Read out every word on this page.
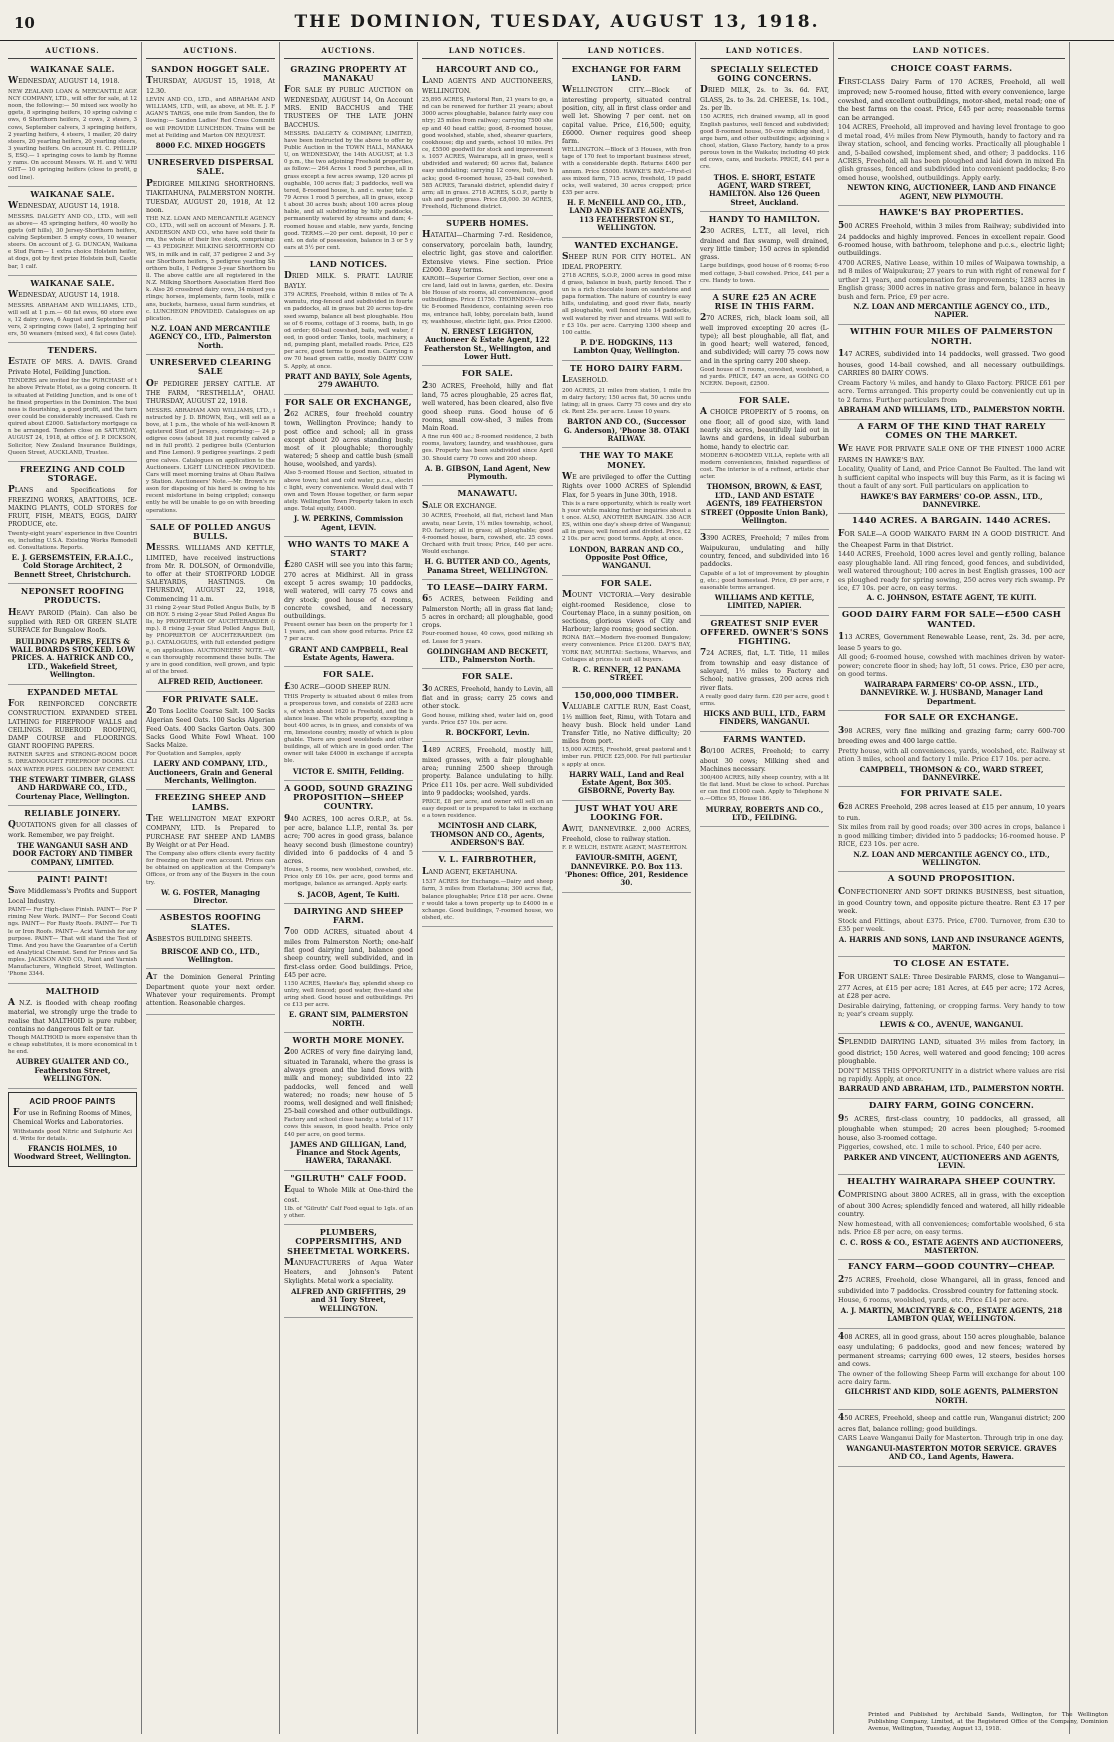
10	THE DOMINION, TUESDAY, AUGUST 13, 1918.
AUCTIONS.
WAIKANAE SALE.
WEDNESDAY, AUGUST 14, 1918.
NEW ZEALAND LOAN & MERCANTILE AGENCY COMPANY, LTD., will offer for sale, at 12 noon, the following:— 50 mixed sex woolly hoggets, 8 springing heifers, 10 spring calving cows, 6 Shorthorn heifers, 2 cows, 2 steers, 3 cows, September calvers, 3 springing heifers, 2 yearling heifers, 4 steers, 1 mailer, 20 dairy steers, 20 yearling heifers, 20 yearling steers, 3 yearling heifers. On account H. C. PHILLIPS, ESQ.— 1 springing cows to lamb by Romney rams. On account Messrs. W. H. and V. WRIGHT— 10 springing heifers (close to profit, good line).
WAIKANAE SALE.
WEDNESDAY, AUGUST 14, 1918.
MESSRS. DALGETY AND CO., LTD., will sell as above— 45 springing heifers, 40 woolly hoggets (off hills), 30 Jersey-Shorthorn heifers, calving September. 5 empty cows, 10 weaner steers. On account of J. G. DUNCAN, Waikanae Stud Farm— 1 extra choice Holstein heifer, at dogs, got by first prize Holstein bull, Castlebar, 1 calf.
WAIKANAE SALE.
WEDNESDAY, AUGUST 14, 1918.
MESSRS. ABRAHAM AND WILLIAMS, LTD., will sell at 1 p.m.— 60 fat ewes, 60 store ewes, 12 dairy cows, 6 August and September calvers, 2 springing cows (late), 2 springing heifers, 50 weaners (mixed sex), 4 fat cows (late).
TENDERS.
ESTATE OF MRS. A. DAVIS. Grand Private Hotel, Feilding Junction.
TENDERS are invited for the PURCHASE of the above Private Hotel, as a going concern. It is situated at Feilding Junction, and is one of the finest properties in the Dominion. The business is flourishing, a good profit, and the turnover could be considerably increased. Cash required about £2000. Satisfactory mortgage can be arranged. Tenders close on SATURDAY, AUGUST 24, 1918, at office of J. P. DICKSON, Solicitor, New Zealand Insurance Buildings, Queen Street, AUCKLAND, Trustee.
FREEZING AND COLD STORAGE.
PLANS and Specifications for FREEZING WORKS, ABATTOIRS, ICE-MAKING PLANTS, COLD STORES for FRUIT, FISH, MEATS, EGGS, DAIRY PRODUCE, etc.
Twenty-eight years' experience in five Countries, including U.S.A. Existing Works Remodelled. Consultations. Reports.
E. J. GERSEMSTEIN, F.R.A.I.C., Cold Storage Architect, 2 Bennett Street, Christchurch.
NEPONSET ROOFING PRODUCTS.
HEAVY PAROID (Plain). Can also be supplied with RED OR GREEN SLATE SURFACE for Bungalow Roofs.
BUILDING PAPERS, FELTS & WALL BOARDS STOCKED. LOW PRICES. A. HATRICK AND CO., LTD., Wakefield Street, Wellington.
EXPANDED METAL
FOR REINFORCED CONCRETE CONSTRUCTION. EXPANDED STEEL LATHING for FIREPROOF WALLS and CEILINGS. RUBEROID ROOFING, DAMP COURSE and FLOORINGS. GIANT ROOFING PAPERS.
RATNER SAFES and STRONG-ROOM DOORS. DREADNOUGHT FIREPROOF DOORS. CLIMAX WATER PIPES. GOLDEN BAY CEMENT.
THE STEWART TIMBER, GLASS AND HARDWARE CO., LTD., Courtenay Place, Wellington.
RELIABLE JOINERY.
QUOTATIONS given for all classes of work. Remember, we pay freight.
THE WANGANUI SASH AND DOOR FACTORY AND TIMBER COMPANY, LIMITED.
PAINT! PAINT!
Save Middlemass's Profits and Support Local Industry.
PAINT— For High-class Finish. PAINT— For Priming New Work. PAINT— For Second Coatings. PAINT— For Rusty Roofs. PAINT— For Tile or Iron Roofs. PAINT— Acid Varnish for any purpose. PAINT— That will stand the Test of Time. And you have the Guarantee of a Certified Analytical Chemist. Send for Prices and Samples. JACKSON AND CO., Paint and Varnish Manufacturers, Wingfield Street, Wellington. 'Phone 3344.
MALTHOID
A N.Z. is flooded with cheap roofing material, we strongly urge the trade to realise that MALTHOID is pure rubber, contains no dangerous felt or tar.
Though MALTHOID is more expensive than the cheap substitutes, it is more economical in the end.
AUBREY GUALTER AND CO., Featherston Street, WELLINGTON.
ACID PROOF PAINTS
For use in Refining Rooms of Mines, Chemical Works and Laboratories.
Withstands good Nitric and Sulphuric Acid. Write for details.
FRANCIS HOLMES, 10 Woodward Street, Wellington.
AUCTIONS.
SANDON HOGGET SALE.
THURSDAY, AUGUST 15, 1918, At 12.30.
LEVIN AND CO., LTD., and ABRAHAM AND WILLIAMS, LTD., will, as above, at Mt. E. J. FAGAN'S TARGS, one mile from Sandon, the following:— Sandon Ladies' Red Cross Committee will PROVIDE LUNCHEON. Trains will be met at Feilding and Marton ON REQUEST.
8000 F.C. MIXED HOGGETS
UNRESERVED DISPERSAL SALE.
PEDIGREE MILKING SHORTHORNS. TIAKITAHUNA, PALMERSTON NORTH. TUESDAY, AUGUST 20, 1918, At 12 noon.
THE N.Z. LOAN AND MERCANTILE AGENCY CO., LTD., will sell on account of Messrs. J. R. ANDERSON AND CO., who have sold their farm, the whole of their live stock, comprising:— 43 PEDIGREE MILKING SHORTHORN COWS, in milk and in calf, 37 pedigree 2 and 3-year Shorthorn heifers, 5 pedigree yearling Shorthorn bulls, 1 Pedigree 3-year Shorthorn bull. The above cattle are all registered in the N.Z. Milking Shorthorn Association Herd Book. Also 26 crossbred dairy cows, 34 mixed yearlings; horses, implements, farm tools, milk cans, buckets, harness, usual farm sundries, etc. LUNCHEON PROVIDED. Catalogues on application.
N.Z. LOAN AND MERCANTILE AGENCY CO., LTD., Palmerston North.
UNRESERVED CLEARING SALE
OF PEDIGREE JERSEY CATTLE. AT THE FARM, "RESTHELLA", OHAU. THURSDAY, AUGUST 22, 1918.
MESSRS. ABRAHAM AND WILLIAMS, LTD., instructed by J. D. BROWN, Esq., will sell as above, at 1 p.m., the whole of his well-known Registered Stud of Jerseys, comprising:— 24 pedigree cows (about 18 just recently calved and in full profit). 2 pedigree bulls (Centurion and Fine Lemon). 9 pedigree yearlings. 2 pedigree calves. Catalogues on application to the Auctioneers. LIGHT LUNCHEON PROVIDED. Cars will meet morning trains at Ohau Railway Station. Auctioneers' Note.—Mr. Brown's reason for disposing of his herd is owing to his recent misfortune in being crippled; consequently he will be unable to go on with breeding operations.
SALE OF POLLED ANGUS BULLS.
MESSRS. WILLIAMS AND KETTLE, LIMITED, have received instructions from Mr. R. DOLSON, of Ormondville, to offer at their STORTFORD LODGE SALEYARDS, HASTINGS. On THURSDAY, AUGUST 22, 1918, Commencing 11 a.m.
31 rising 2-year Stud Polled Angus Bulls, by BOB ROY. 5 rising 2-year Stud Polled Angus Bulls, by PROPRIETOR OF AUCHTERARDER (imp.). 8 rising 2-year Stud Polled Angus Bull, by PROPRIETOR OF AUCHTERARDER (imp.). CATALOGUES, with full extended pedigree, on application. AUCTIONEERS' NOTE.—We can thoroughly recommend these bulls. They are in good condition, well grown, and typical of the breed.
ALFRED REID, Auctioneer.
FOR PRIVATE SALE.
20 Tons Loclite Coarse Salt. 100 Sacks Algerian Seed Oats. 100 Sacks Algerian Feed Oats. 400 Sacks Garton Oats. 300 Sacks Good White Fowl Wheat. 100 Sacks Maize.
For Quotation and Samples, apply
LAERY AND COMPANY, LTD., Auctioneers, Grain and General Merchants, Wellington.
FREEZING SHEEP AND LAMBS.
THE WELLINGTON MEAT EXPORT COMPANY, LTD. Is Prepared to PURCHASE FAT SHEEP AND LAMBS By Weight or at Per Head.
The Company also offers clients every facility for freezing on their own account. Prices can be obtained on application at the Company's Offices, or from any of the Buyers in the country.
W. G. FOSTER, Managing Director.
ASBESTOS ROOFING SLATES.
ASBESTOS BUILDING SHEETS.
BRISCOE AND CO., LTD., Wellington.
AT the Dominion General Printing Department quote your next order. Whatever your requirements. Prompt attention. Reasonable charges.
AUCTIONS.
GRAZING PROPERTY AT MANAKAU
FOR SALE BY PUBLIC AUCTION on WEDNESDAY, AUGUST 14, On Account MRS. ENID BACCHUS and THE TRUSTEES OF THE LATE JOHN BACCHUS.
MESSRS. DALGETY & COMPANY, LIMITED, have been instructed by the above to offer by Public Auction in the TOWN HALL, MANAKAU, on WEDNESDAY, the 14th AUGUST, at 1.30 p.m., the two adjoining Freehold properties, as follow:— 264 Acres 1 rood 5 perches, all in grass except a few acres swamp, 120 acres ploughable, 100 acres flat; 3 paddocks, well watered, 8-roomed house, h. and c. water, tele. 279 Acres 1 rood 5 perches, all in grass, except about 30 acres bush; about 100 acres ploughable, and all subdividing by hilly paddocks, permanently watered by streams and dam; 4-roomed house and stable, new yards, fencing good. TERMS.—20 per cent. deposit, 10 per cent. on date of possession, balance in 3 or 5 years at 5½ per cent.
LAND NOTICES.
DRIED MILK. S. PRATT. LAURIE BAYLY.
379 ACRES, Freehold, within 8 miles of Te Awamutu, ring-fenced and subdivided in fourteen paddocks, all in grass but 20 acres top-dressed swamp, balance all best ploughable. House of 6 rooms, cottage of 3 rooms, bath, in good order; 60-bail cowshed, bails, well water, feed, in good order. Tanks, tools, machinery, and, pumping plant, metalled roads. Price, £25 per acre, good terms to good men. Carrying now 70 head green cattle, mostly DAIRY COWS. Apply, at once.
PRATT AND BAYLY, Sole Agents, 279 AWAHUTO.
FOR SALE OR EXCHANGE,
262 ACRES, four freehold country town, Wellington Province; handy to post office and school; all in grass except about 20 acres standing bush; most of it ploughable; thoroughly watered; 5 sheep and cattle bush (small house, woolshed, and yards).
Also 5-roomed House and Section, situated in above town; hot and cold water, p.c.s., electric light, every convenience. Would deal with Town and Town House together, or farm separately. Wellington Town Property taken in exchange. Total equity, £4000.
J. W. PERKINS, Commission Agent, LEVIN.
WHO WANTS TO MAKE A START?
£280 CASH will see you into this farm; 270 acres at Midhirst. All in grass except 5 acres swamp; 10 paddocks, well watered, will carry 75 cows and dry stock; good house of 4 rooms, concrete cowshed, and necessary outbuildings.
Present owner has been on the property for 11 years, and can show good returns. Price £27 per acre.
GRANT AND CAMPBELL, Real Estate Agents, Hawera.
FOR SALE.
£30 ACRE—GOOD SHEEP RUN.
THIS Property is situated about 6 miles from a prosperous town, and consists of 2283 acres, of which about 1620 is Freehold, and the balance lease. The whole property, excepting about 400 acres, is in grass, and consists of warm, limestone country, mostly of which is ploughable. There are good woolsheds and other buildings, all of which are in good order. The owner will take £4000 in exchange if acceptable.
VICTOR E. SMITH, Feilding.
A GOOD, SOUND GRAZING PROPOSITION—SHEEP COUNTRY.
940 ACRES, 100 acres O.R.P., at 5s. per acre, balance L.I.P., rental 3s. per acre; 700 acres in good grass, balance heavy second bush (limestone country) divided into 6 paddocks of 4 and 5 acres.
House, 5 rooms, new woolshed, cowshed, etc. Price only £6 10s. per acre, good terms and mortgage, balance as arranged. Apply early.
S. JACOB, Agent, Te Kuiti.
DAIRYING AND SHEEP FARM.
700 ODD ACRES, situated about 4 miles from Palmerston North; one-half flat good dairying land, balance good sheep country, well subdivided, and in first-class order. Good buildings. Price, £45 per acre.
1150 ACRES, Hawke's Bay, splendid sheep country, well fenced; good water, five-stand shearing shed. Good house and outbuildings. Price £13 per acre.
E. GRANT SIM, PALMERSTON NORTH.
WORTH MORE MONEY.
200 ACRES of very fine dairying land, situated in Taranaki, where the grass is always green and the land flows with milk and money; subdivided into 22 paddocks, well fenced and well watered; no roads; new house of 5 rooms, well designed and well finished; 25-bail cowshed and other outbuildings.
Factory and school close handy; a total of 117 cows this season, in good health. Price only £40 per acre, on good terms.
JAMES AND GILLIGAN, Land, Finance and Stock Agents, HAWERA, TARANAKI.
"GILRUTH" CALF FOOD.
Equal to Whole Milk at One-third the cost.
1lb. of "Gilruth" Calf Food equal to 1gls. of any other.
PLUMBERS, COPPERSMITHS, AND SHEETMETAL WORKERS.
MANUFACTURERS of Aqua Water Heaters, and Johnson's Patent Skylights. Metal work a speciality.
ALFRED AND GRIFFITHS, 29 and 31 Tory Street, WELLINGTON.
LAND NOTICES.
HARCOURT AND CO.,
LAND AGENTS AND AUCTIONEERS, WELLINGTON.
25,895 ACRES, Pastoral Run, 21 years to go, and can be renewed for further 21 years; about 3000 acres ploughable, balance fairly easy country; 25 miles from railway; carrying 7500 sheep and 40 head cattle; good, 8-roomed house, good woolshed, stable, shed, shearer quarters, cookhouse; dip and yards, school 10 miles. Price, £5500 goodwill for stock and improvements. 1057 ACRES, Wairarapa, all in grass, well subdivided and watered; 60 acres flat, balance easy undulating; carrying 12 cows, bull, two hacks; good 6-roomed house, 25-bail cowshed. 585 ACRES, Taranaki district, splendid dairy farm; all in grass. 2718 ACRES, S.O.P., partly bush and partly grass. Price £8,000. 30 ACRES, Freehold, Richmond district.
SUPERB HOMES.
HATAITAI—Charming 7-rd. Residence, conservatory, porcelain bath, laundry, electric light, gas stove and calorifier. Extensive views. Fine section. Price £2000. Easy terms.
KAROBI—Superior Corner Section, over one acre land, laid out in lawns, garden, etc. Desirable House of six rooms, all conveniences, good outbuildings. Price £1750. THORNDON—Artistic 8-roomed Residence, containing seven rooms, entrance hall, lobby, porcelain bath, laundry, washhouse, electric light, gas. Price £2000.
N. ERNEST LEIGHTON, Auctioneer & Estate Agent, 122 Featherston St., Wellington, and Lower Hutt.
FOR SALE.
230 ACRES, Freehold, hilly and flat land, 75 acres ploughable, 25 acres flat, well watered, has been cleared, also five good sheep runs. Good house of 6 rooms, small cow-shed, 3 miles from Main Road.
A fine run 400 ac.; 8-roomed residence, 2 bathrooms, lavatory, laundry, and washhouse, garages. Property has been subdivided since April 30. Should carry 70 cows and 200 sheep.
A. B. GIBSON, Land Agent, New Plymouth.
MANAWATU.
SALE OR EXCHANGE.
30 ACRES, Freehold, all flat, richest land Manawatu, near Levin, 1½ miles township, school, P.O. factory; all in grass; all ploughable; good 4-roomed house, barn, cowshed, etc. 25 cows. Orchard with fruit trees; Price, £40 per acre. Would exchange.
H. G. BUTTER AND CO., Agents, Panama Street, WELLINGTON.
TO LEASE—DAIRY FARM.
65 ACRES, between Feilding and Palmerston North; all in grass flat land; 5 acres in orchard; all ploughable, good crops.
Four-roomed house, 40 cows, good milking shed. Lease for 5 years.
GOLDINGHAM AND BECKETT, LTD., Palmerston North.
FOR SALE.
30 ACRES, Freehold, handy to Levin, all flat and in grass; carry 25 cows and other stock.
Good house, milking shed, water laid on, good yards. Price £57 10s. per acre.
R. BOCKFORT, Levin.
1489 ACRES, Freehold, mostly hill, mixed grasses, with a fair ploughable area; running 2500 sheep through property. Balance undulating to hilly. Price £11 10s. per acre. Well subdivided into 9 paddocks; woolshed, yards.
PRICE, £8 per acre, and owner will sell on an easy deposit or is prepared to take in exchange a town residence.
MCINTOSH AND CLARK, THOMSON AND CO., Agents, ANDERSON'S BAY.
V. L. FAIRBROTHER,
LAND AGENT, EKETAHUNA.
1537 ACRES for Exchange.—Dairy and sheep farm, 3 miles from Eketahuna; 300 acres flat, balance ploughable; Price £18 per acre. Owner would take a town property up to £4000 in exchange. Good buildings, 7-roomed house, woolshed, etc.
LAND NOTICES.
EXCHANGE FOR FARM LAND.
WELLINGTON CITY.—Block of interesting property, situated central position, city, all in first class order and well let. Showing 7 per cent. net on capital value. Price, £16,500; equity, £6000. Owner requires good sheep farm.
WELLINGTON.—Block of 3 Houses, with frontage of 170 feet to important business street, with a considerable depth. Returns £400 per annum. Price £5000. HAWKE'S BAY.—First-class mixed farm, 715 acres, freehold, 19 paddocks, well watered, 30 acres cropped; price £35 per acre.
H. F. McNEILL AND CO., LTD., LAND AND ESTATE AGENTS, 113 FEATHERSTON ST., WELLINGTON.
WANTED EXCHANGE.
SHEEP RUN FOR CITY HOTEL. AN IDEAL PROPERTY.
2718 ACRES, S.O.P., 2000 acres in good mixed grass, balance in bush, partly fenced. The run is a rich chocolate loam on sandstone and papa formation. The nature of country is easy hills, undulating, and good river flats, nearly all ploughable, well fenced into 14 paddocks, well watered by river and streams. Will sell for £3 10s. per acre. Carrying 1300 sheep and 100 cattle.
P. D'E. HODGKINS, 113 Lambton Quay, Wellington.
TE HORO DAIRY FARM.
LEASEHOLD.
200 ACRES, 21 miles from station, 1 mile from dairy factory; 150 acres flat, 50 acres undulating; all in grass. Carry 75 cows and dry stock. Rent 25s. per acre. Lease 10 years.
BARTON AND CO., (Successor G. Anderson), 'Phone 38. OTAKI RAILWAY.
THE WAY TO MAKE MONEY.
WE are privileged to offer the Cutting Rights over 1000 ACRES of Splendid Flax, for 5 years in June 30th, 1918.
This is a rare opportunity, which is really worth your while making further inquiries about at once. ALSO, ANOTHER BARGAIN. 336 ACRES, within one day's sheep drive of Wanganui; all in grass; well fenced and divided. Price, £22 10s. per acre; good terms. Apply, at once.
LONDON, BARRAN AND CO., Opposite Post Office, WANGANUI.
FOR SALE.
MOUNT VICTORIA.—Very desirable eight-roomed Residence, close to Courtenay Place, in a sunny position, on sections, glorious views of City and Harbour; large rooms; good section.
RONA BAY.—Modern five-roomed Bungalow; every convenience. Price £1200. DAY'S BAY, YORK BAY, MURITAI: Sections, Wharves, and Cottages at prices to suit all buyers.
R. C. RENNER, 12 PANAMA STREET.
150,000,000 TIMBER.
VALUABLE CATTLE RUN, East Coast, 1½ million feet, Rimu, with Totara and heavy bush. Block held under Land Transfer Title, no Native difficulty; 20 miles from port.
15,000 ACRES, Freehold, great pastoral and timber run. PRICE £25,000. For full particulars apply at once.
HARRY WALL, Land and Real Estate Agent, Box 305. GISBORNE, Poverty Bay.
JUST WHAT YOU ARE LOOKING FOR.
AWIT, DANNEVIRKE. 2,000 ACRES, Freehold, close to railway station.
F. P. WELCH, ESTATE AGENT, MASTERTON.
FAVIOUR-SMITH, AGENT, DANNEVIRKE. P.O. Box 113. 'Phones: Office, 201, Residence 30.
LAND NOTICES.
SPECIALLY SELECTED GOING CONCERNS.
DRIED MILK, 2s. to 3s. 6d. FAT, GLASS, 2s. to 3s. 2d. CHEESE, 1s. 10d., 2s. per lb.
150 ACRES, rich drained swamp, all in good English pastures, well fenced and subdivided; good 8-roomed house, 50-cow milking shed, large barn, and other outbuildings; adjoining school, station, Glaxo Factory, handy to a prosperous town in the Waikato; including 40 picked cows, cans, and buckets. PRICE, £41 per acre.
THOS. E. SHORT, ESTATE AGENT, WARD STREET, HAMILTON. Also 126 Queen Street, Auckland.
HANDY TO HAMILTON.
230 ACRES, L.T.T., all level, rich drained and flax swamp, well drained, very little timber; 150 acres in splendid grass.
Large buildings, good house of 6 rooms; 6-roomed cottage, 3-bail cowshed. Price, £41 per acre. Handy to town.
A SURE £25 AN ACRE RISE IN THIS FARM.
270 ACRES, rich, black loam soil, all well improved excepting 20 acres (L-type); all best ploughable, all flat, and in good heart; well watered, fenced, and subdivided; will carry 75 cows now and in the spring carry 200 sheep.
Good house of 5 rooms, cowshed, woolshed, and yards. PRICE, £47 an acre, as GOING CONCERN. Deposit, £2500.
FOR SALE.
A CHOICE PROPERTY of 5 rooms, on one floor, all of good size, with land nearly six acres, beautifully laid out in lawns and gardens, in ideal suburban home, handy to electric car.
MODERN 6-ROOMED VILLA, replete with all modern conveniences, finished regardless of cost. The interior is of a refined, artistic character.
THOMSON, BROWN, & EAST, LTD., LAND AND ESTATE AGENTS, 189 FEATHERSTON STREET (Opposite Union Bank), Wellington.
3390 ACRES, Freehold; 7 miles from Waipukurau, undulating and hilly country, fenced, and subdivided into 16 paddocks.
Capable of a lot of improvement by ploughing, etc.; good homestead. Price, £9 per acre, reasonable terms arranged.
WILLIAMS AND KETTLE, LIMITED, NAPIER.
GREATEST SNIP EVER OFFERED. OWNER'S SONS FIGHTING.
724 ACRES, flat, L.T. Title, 11 miles from township and easy distance of saleyard, 1½ miles to Factory and School; native grasses, 200 acres rich river flats.
A really good dairy farm. £20 per acre, good terms.
HICKS AND BULL, LTD., FARM FINDERS, WANGANUI.
FARMS WANTED.
80/100 ACRES, Freehold; to carry about 30 cows; Milking shed and Machines necessary.
300/400 ACRES, hilly sheep country, with a little flat land. Must be close to school. Purchaser can find £1000 cash. Apply to Telephone No.—Office 95, House 186.
MURRAY, ROBERTS AND CO., LTD., FEILDING.
LAND NOTICES.
CHOICE COAST FARMS.
FIRST-CLASS Dairy Farm of 170 ACRES, Freehold, all well improved; new 5-roomed house, fitted with every convenience, large cowshed, and excellent outbuildings, motor-shed, metal road; one of the best farms on the coast. Price, £45 per acre; reasonable terms can be arranged.
104 ACRES, Freehold, all improved and having level frontage to good metal road, 4½ miles from New Plymouth, handy to factory and railway station, school, and fencing works. Practically all ploughable land, 5-bailed cowshed, implement shed, and other; 3 paddocks. 116 ACRES, Freehold, all has been ploughed and laid down in mixed English grasses, fenced and subdivided into convenient paddocks; 8-roomed house, woolshed, outbuildings. Apply early.
NEWTON KING, AUCTIONEER, LAND AND FINANCE AGENT, NEW PLYMOUTH.
HAWKE'S BAY PROPERTIES.
500 ACRES Freehold, within 3 miles from Railway; subdivided into 24 paddocks and highly improved. Fences in excellent repair. Good 6-roomed house, with bathroom, telephone and p.c.s., electric light; outbuildings.
4700 ACRES, Native Lease, within 10 miles of Waipawa township, and 8 miles of Waipukurau; 27 years to run with right of renewal for further 21 years, and compensation for improvements; 1283 acres in English grass; 3000 acres in native grass and fern, balance in heavy bush and fern. Price, £9 per acre.
N.Z. LOAN AND MERCANTILE AGENCY CO., LTD., NAPIER.
WITHIN FOUR MILES OF PALMERSTON NORTH.
147 ACRES, subdivided into 14 paddocks, well grassed. Two good houses, good 14-bail cowshed, and all necessary outbuildings. CARRIES 80 DAIRY COWS.
Cream Factory ¼ miles, and handy to Glaxo Factory. PRICE £61 per acre. Terms arranged. This property could be conveniently cut up into 2 farms. Further particulars from
ABRAHAM AND WILLIAMS, LTD., PALMERSTON NORTH.
A FARM OF THE KIND THAT RARELY COMES ON THE MARKET.
WE HAVE FOR PRIVATE SALE ONE OF THE FINEST 1000 ACRE FARMS IN HAWKE'S BAY.
Locality, Quality of Land, and Price Cannot Be Faulted. The land with sufficient capital who inspects will buy this Farm, as it is facing without a fault of any sort. Full particulars on application to
HAWKE'S BAY FARMERS' CO-OP. ASSN., LTD., DANNEVIRKE.
1440 ACRES. A BARGAIN. 1440 ACRES.
FOR SALE—A GOOD WAIKATO FARM IN A GOOD DISTRICT. And the Cheapest Farm in that District.
1440 ACRES, Freehold, 1000 acres level and gently rolling, balance easy ploughable land. All ring fenced, good fences, and subdivided, well watered throughout; 100 acres in best English grasses, 100 acres ploughed ready for spring sowing, 250 acres very rich swamp. Price, £7 10s. per acre, on easy terms.
A. C. JOHNSON, ESTATE AGENT, TE KUITI.
GOOD DAIRY FARM FOR SALE—£500 CASH WANTED.
113 ACRES, Government Renewable Lease, rent, 2s. 3d. per acre, lease 5 years to go.
All good; 6-roomed house, cowshed with machines driven by water-power; concrete floor in shed; hay loft, 51 cows. Price, £30 per acre, on good terms.
WAIRARAPA FARMERS' CO-OP. ASSN., LTD., DANNEVIRKE. W. J. HUSBAND, Manager Land Department.
FOR SALE OR EXCHANGE.
398 ACRES, very fine milking and grazing farm; carry 600-700 breeding ewes and 400 large cattle.
Pretty house, with all conveniences, yards, woolshed, etc. Railway station 3 miles, school and factory 1 mile. Price £17 10s. per acre.
CAMPBELL, THOMSON & CO., WARD STREET, DANNEVIRKE.
FOR PRIVATE SALE.
628 ACRES Freehold, 298 acres leased at £15 per annum, 10 years to run.
Six miles from rail by good roads; over 300 acres in crops, balance in good milking timber; divided into 5 paddocks; 16-roomed house. PRICE, £23 10s. per acre.
N.Z. LOAN AND MERCANTILE AGENCY CO., LTD., WELLINGTON.
A SOUND PROPOSITION.
CONFECTIONERY AND SOFT DRINKS BUSINESS, best situation, in good Country town, and opposite picture theatre. Rent £3 17 per week.
Stock and Fittings, about £375. Price, £700. Turnover, from £30 to £35 per week.
A. HARRIS AND SONS, LAND AND INSURANCE AGENTS, MARTON.
TO CLOSE AN ESTATE.
FOR URGENT SALE: Three Desirable FARMS, close to Wanganui—277 Acres, at £15 per acre; 181 Acres, at £45 per acre; 172 Acres, at £28 per acre.
Desirable dairying, fattening, or cropping farms. Very handy to town; year's cream supply.
LEWIS & CO., AVENUE, WANGANUI.
SPLENDID DAIRYING LAND, situated 3½ miles from factory, in good district; 150 Acres, well watered and good fencing; 100 acres ploughable.
DON'T MISS THIS OPPORTUNITY in a district where values are rising rapidly. Apply, at once.
BARRAUD AND ABRAHAM, LTD., PALMERSTON NORTH.
DAIRY FARM, GOING CONCERN.
95 ACRES, first-class country, 10 paddocks, all grassed, all ploughable when stumped; 20 acres been ploughed; 5-roomed house, also 3-roomed cottage.
Piggeries, cowshed, etc. 1 mile to school. Price, £40 per acre.
PARKER AND VINCENT, AUCTIONEERS AND AGENTS, LEVIN.
HEALTHY WAIRARAPA SHEEP COUNTRY.
COMPRISING about 3800 ACRES, all in grass, with the exception of about 300 Acres; splendidly fenced and watered, all hilly rideable country.
New homestead, with all conveniences; comfortable woolshed, 6 stands. Price £8 per acre, on easy terms.
C. C. ROSS & CO., ESTATE AGENTS AND AUCTIONEERS, MASTERTON.
FANCY FARM—GOOD COUNTRY—CHEAP.
275 ACRES, Freehold, close Whangarei, all in grass, fenced and subdivided into 7 paddocks. Crossbred country for fattening stock.
House, 6 rooms, woolshed, yards, etc. Price £14 per acre.
A. J. MARTIN, MACINTYRE & CO., ESTATE AGENTS, 218 LAMBTON QUAY, WELLINGTON.
408 ACRES, all in good grass, about 150 acres ploughable, balance easy undulating; 6 paddocks, good and new fences; watered by permanent streams; carrying 600 ewes, 12 steers, besides horses and cows.
The owner of the following Sheep Farm will exchange for about 100 acre dairy farm.
GILCHRIST AND KIDD, SOLE AGENTS, PALMERSTON NORTH.
450 ACRES, Freehold, sheep and cattle run, Wanganui district; 200 acres flat, balance rolling; good buildings.
CARS Leave Wanganui Daily for Masterton. Through trip in one day.
WANGANUI-MASTERTON MOTOR SERVICE. GRAVES AND CO., Land Agents, Hawera.
Printed and Published by Archibald Sands, Wellington, for The Wellington Publishing Company, Limited, at the Registered Office of the Company, Dominion Avenue, Wellington, Tuesday, August 13, 1918.
